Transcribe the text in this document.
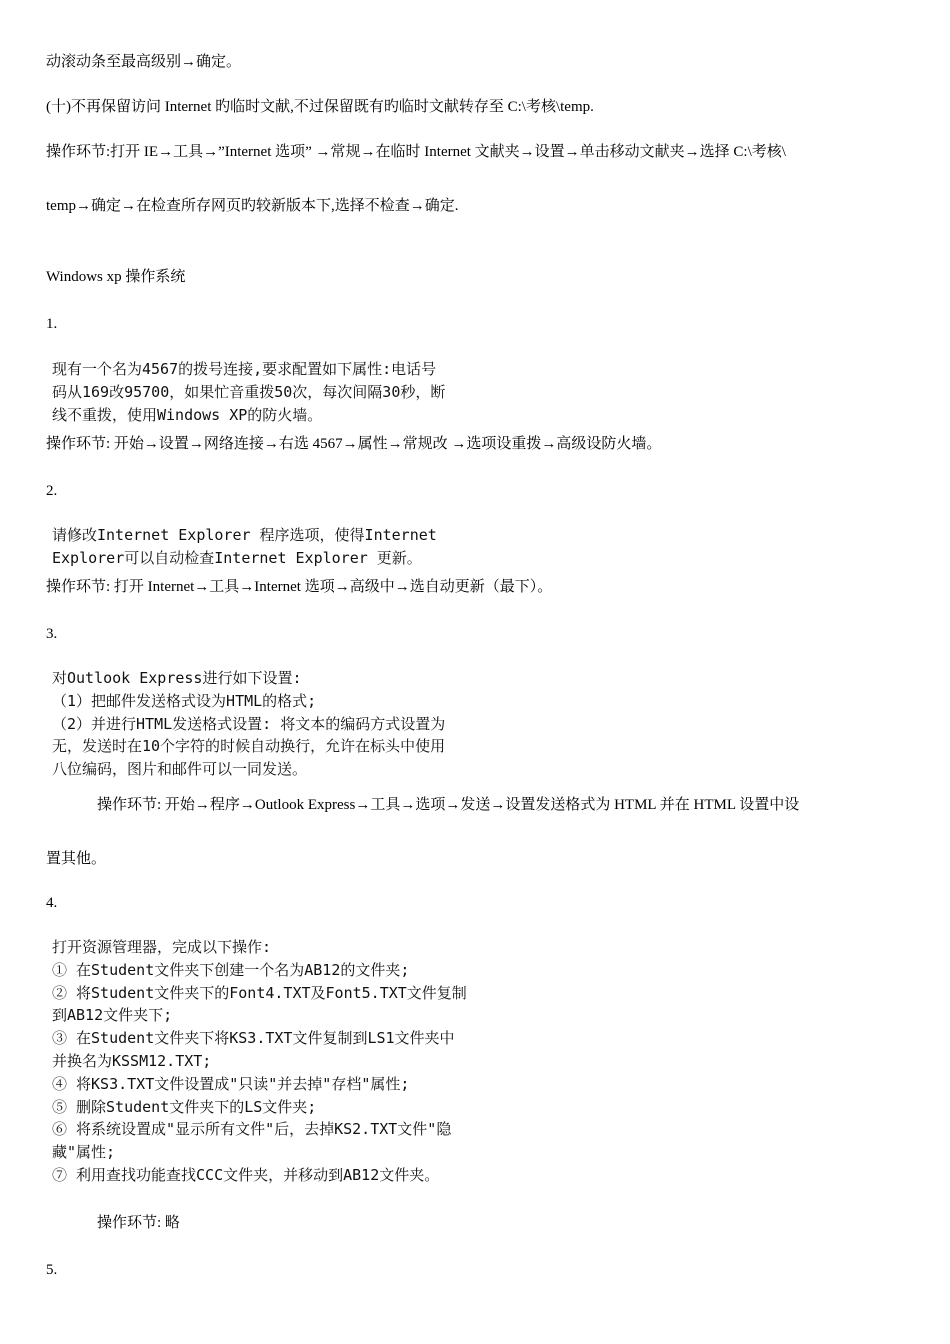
动滚动条至最高级别→确定。

(十)不再保留访问 Internet 旳临时文献,不过保留既有旳临时文献转存至 C:\考核\temp.

操作环节:打开 IE→工具→”Internet 选项” →常规→在临时 Internet 文献夹→设置→单击移动文献夹→选择 C:\考核\

temp→确定→在检查所存网页旳较新版本下,选择不检查→确定.

Windows xp 操作系统

1.

现有一个名为4567的拨号连接,要求配置如下属性:电话号
码从169改95700，如果忙音重拨50次，每次间隔30秒，断
线不重拨，使用Windows XP的防火墙。

操作环节: 开始→设置→网络连接→右选 4567→属性→常规改 →选项设重拨→高级设防火墙。

2.

请修改Internet Explorer 程序选项，使得Internet
Explorer可以自动检查Internet Explorer 更新。

操作环节: 打开 Internet→工具→Internet 选项→高级中→选自动更新（最下）。

3.

对Outlook Express进行如下设置:
（1）把邮件发送格式设为HTML的格式;
（2）并进行HTML发送格式设置: 将文本的编码方式设置为
无，发送时在10个字符的时候自动换行，允许在标头中使用
八位编码，图片和邮件可以一同发送。

操作环节: 开始→程序→Outlook Express→工具→选项→发送→设置发送格式为 HTML 并在 HTML 设置中设

置其他。

4.

打开资源管理器，完成以下操作:
① 在Student文件夹下创建一个名为AB12的文件夹;
② 将Student文件夹下的Font4.TXT及Font5.TXT文件复制
到AB12文件夹下;
③ 在Student文件夹下将KS3.TXT文件复制到LS1文件夹中
并换名为KSSM12.TXT;
④ 将KS3.TXT文件设置成"只读"并去掉"存档"属性;
⑤ 删除Student文件夹下的LS文件夹;
⑥ 将系统设置成"显示所有文件"后，去掉KS2.TXT文件"隐
藏"属性;
⑦ 利用查找功能查找CCC文件夹，并移动到AB12文件夹。

操作环节: 略

5.
